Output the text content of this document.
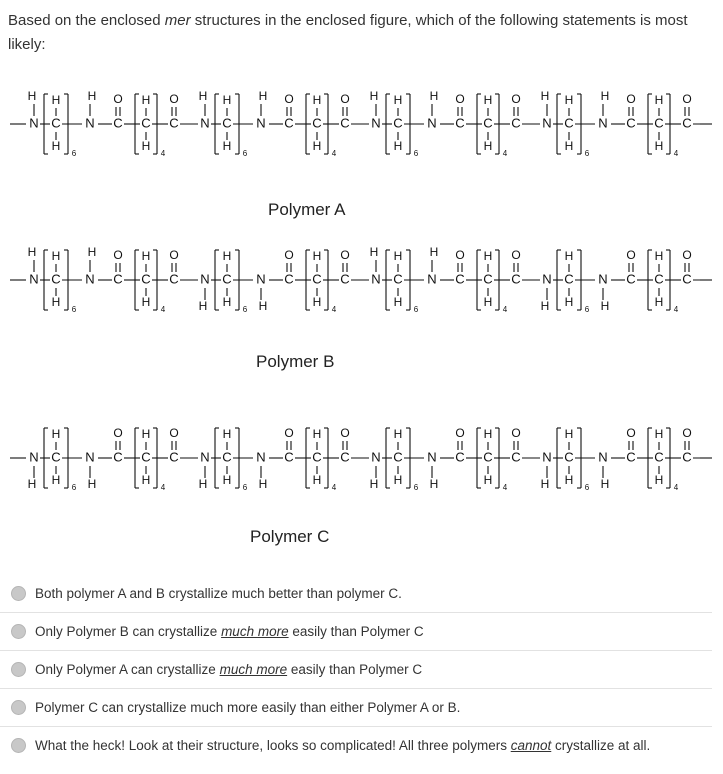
Based on the enclosed mer structures in the enclosed figure, which of the following statements is most likely:
N C N C C C
H
H
H
H
O	O
6	4
H	H
N C N C C C
H
H
H
H
O	O
6	4
H	H
N C N C C C
H
H
H
H
O	O
6	4
H	H
N C N C C C
H
H
H
H
O	O
6	4
H	H
N C N C C C
H
H
H
H
O	O
6	4
H	H
N C N C C C
H
H
H
H
O	O
6	4
H	H
N C N C C C
H
H
H
H
O	O
6	4
H	H
N C N C C C
H
H
H
H
O	O
6	4
H	H
N C N C C C
H
H
H
H
O	O
6	4
H	H
N C N C C C
H
H
H
H
O	O
6	4
H	H
N C N C C C
H
H
H
H
O	O
6	4
H	H
N C N C C C
H
H
H
H
O	O
6	4
H	H
Polymer A
Polymer B
Polymer C
Both polymer A and B crystallize much better than polymer C.
Only Polymer B can crystallize much more easily than Polymer C
Only Polymer A can crystallize much more easily than Polymer C
Polymer C can crystallize much more easily than either Polymer A or B.
What the heck! Look at their structure, looks so complicated! All three polymers cannot crystallize at all.
